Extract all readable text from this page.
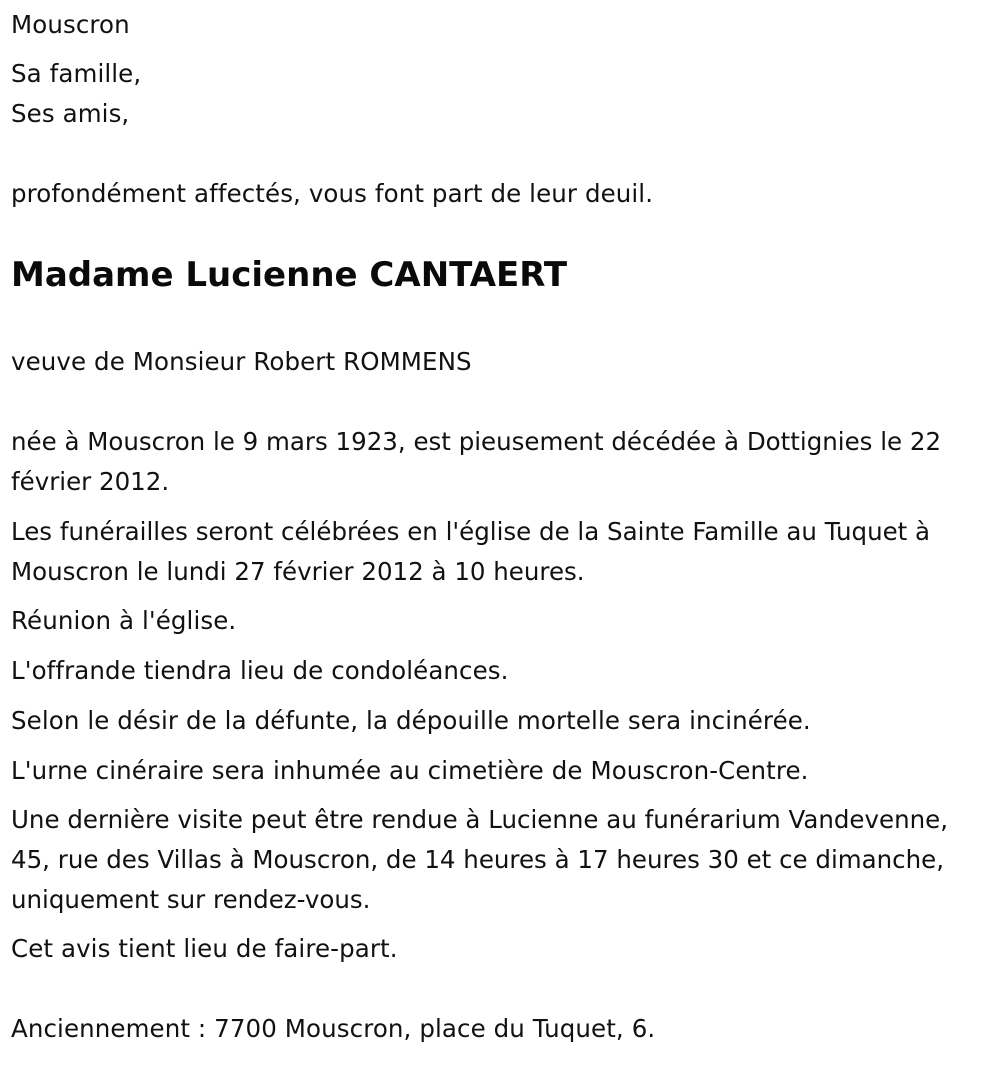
Mouscron
Sa famille,
Ses amis,
profondément affectés, vous font part de leur deuil.
Madame Lucienne CANTAERT
veuve de Monsieur Robert ROMMENS
née à Mouscron le 9 mars 1923, est pieusement décédée à Dottignies le 22 février 2012.
Les funérailles seront célébrées en l'église de la Sainte Famille au Tuquet à Mouscron le lundi 27 février 2012 à 10 heures.
Réunion à l'église.
L'offrande tiendra lieu de condoléances.
Selon le désir de la défunte, la dépouille mortelle sera incinérée.
L'urne cinéraire sera inhumée au cimetière de Mouscron-Centre.
Une dernière visite peut être rendue à Lucienne au funérarium Vandevenne, 45, rue des Villas à Mouscron, de 14 heures à 17 heures 30 et ce dimanche, uniquement sur rendez-vous.
Cet avis tient lieu de faire-part.
Anciennement : 7700 Mouscron, place du Tuquet, 6.
